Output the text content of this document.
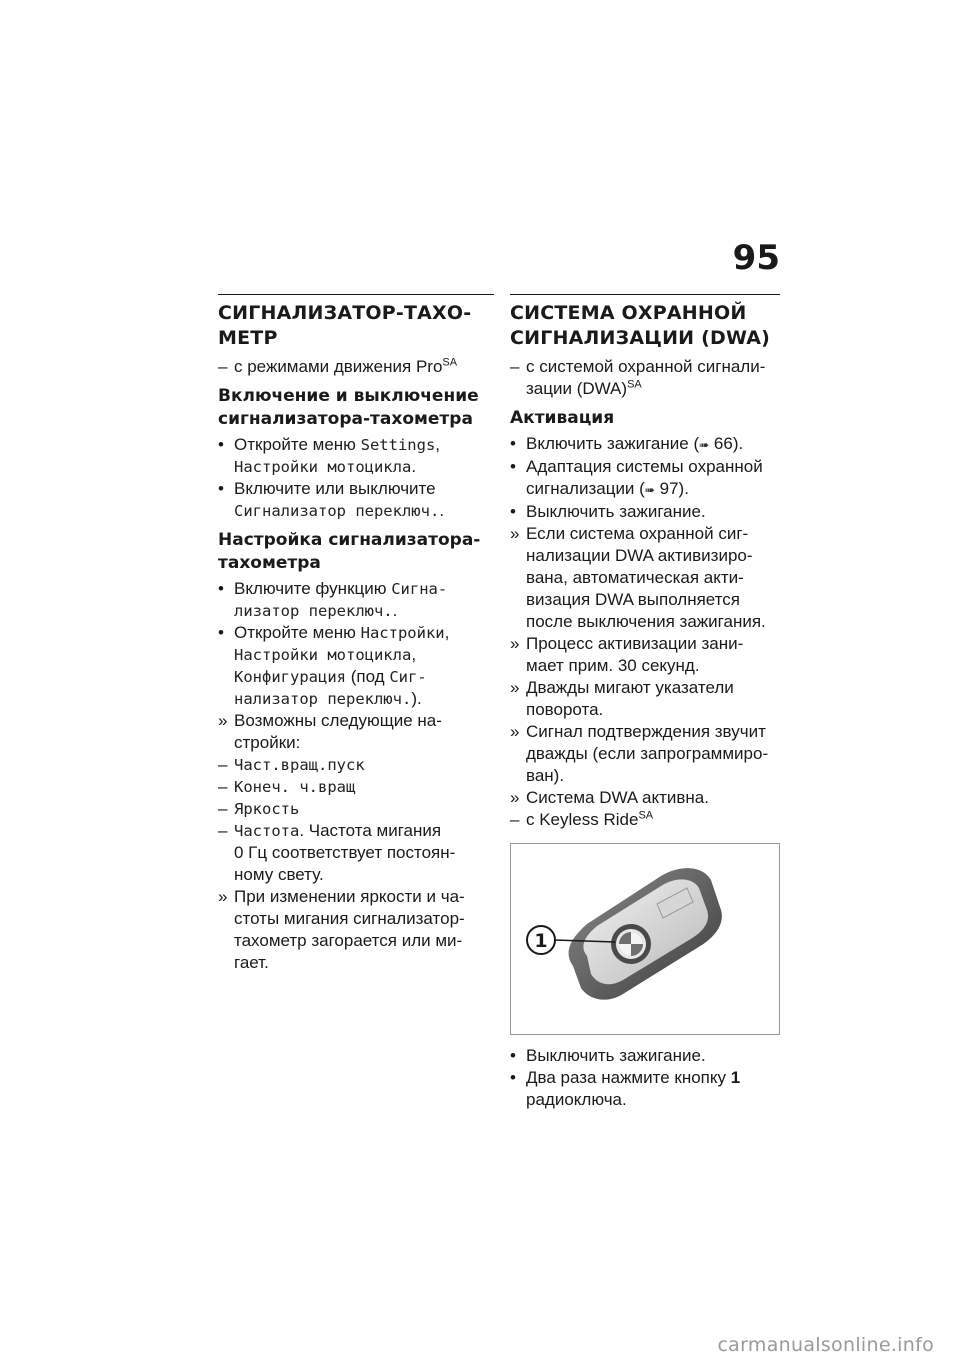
95
СИГНАЛИЗАТОР-ТАХО-
МЕТР
– с режимами движения Pro$^{SA}$
Включение и выключение
сигнализатора-тахометра
• Откройте меню Settings,
Настройки мотоцикла.
• Включите или выключите
Сигнализатор переключ..
Настройка сигнализатора-
тахометра
• Включите функцию Сигна-
лизатор переключ..
• Откройте меню Настройки,
Настройки мотоцикла,
Конфигурация (под Сиг-
нализатор переключ.).
» Возможны следующие на-
стройки:
– Част.вращ.пуск
– Конеч. ч.вращ
– Яркость
– Частота. Частота мигания
0 Гц соответствует постоян-
ному свету.
» При изменении яркости и ча-
стоты мигания сигнализатор-
тахометр загорается или ми-
гает.
СИСТЕМА ОХРАННОЙ
СИГНАЛИЗАЦИИ (DWA)
– с системой охранной сигнали-
зации (DWA)$^{SA}$
Активация
• Включить зажигание (➠ 66).
• Адаптация системы охранной
сигнализации (➠ 97).
• Выключить зажигание.
» Если система охранной сиг-
нализации DWA активизиро-
вана, автоматическая акти-
визация DWA выполняется
после выключения зажигания.
» Процесс активизации зани-
мает прим. 30 секунд.
» Дважды мигают указатели
поворота.
» Сигнал подтверждения звучит
дважды (если запрограммиро-
ван).
» Система DWA активна.
– с Keyless Ride$^{SA}$
1
• Выключить зажигание.
• Два раза нажмите кнопку 1
радиоключа.
carmanualsonline.info
